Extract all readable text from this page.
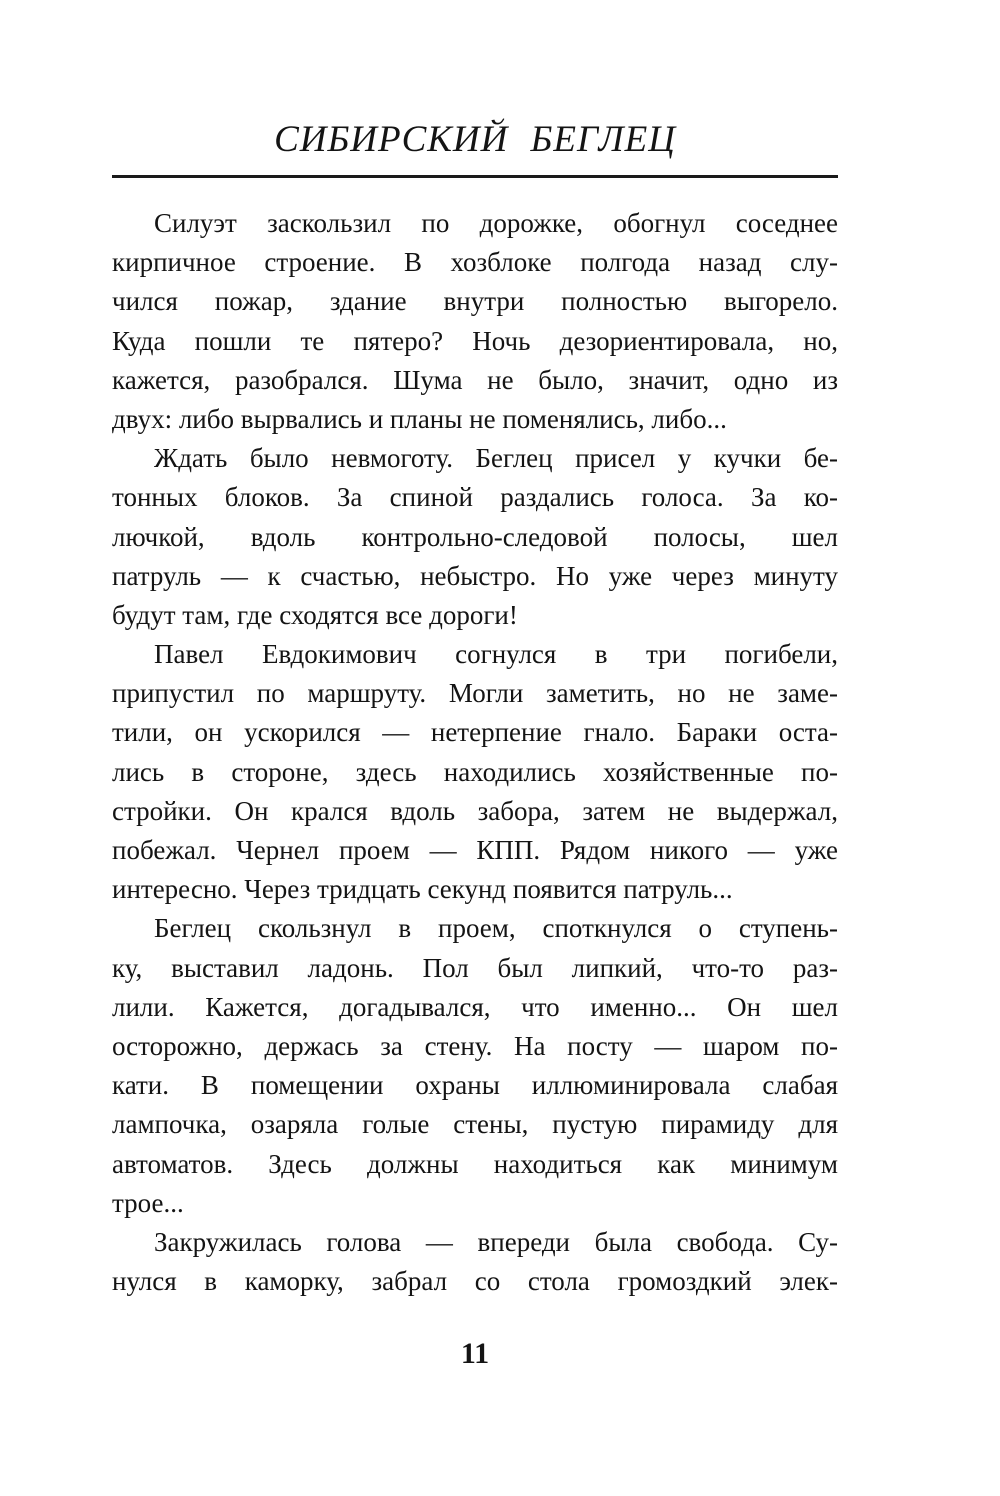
СИБИРСКИЙ БЕГЛЕЦ
Силуэт заскользил по дорожке, обогнул соседнее
кирпичное строение. В хозблоке полгода назад слу-
чился пожар, здание внутри полностью выгорело.
Куда пошли те пятеро? Ночь дезориентировала, но,
кажется, разобрался. Шума не было, значит, одно из
двух: либо вырвались и планы не поменялись, либо...
Ждать было невмоготу. Беглец присел у кучки бе-
тонных блоков. За спиной раздались голоса. За ко-
лючкой, вдоль контрольно-следовой полосы, шел
патруль — к счастью, небыстро. Но уже через минуту
будут там, где сходятся все дороги!
Павел Евдокимович согнулся в три погибели,
припустил по маршруту. Могли заметить, но не заме-
тили, он ускорился — нетерпение гнало. Бараки оста-
лись в стороне, здесь находились хозяйственные по-
стройки. Он крался вдоль забора, затем не выдержал,
побежал. Чернел проем — КПП. Рядом никого — уже
интересно. Через тридцать секунд появится патруль...
Беглец скользнул в проем, споткнулся о ступень-
ку, выставил ладонь. Пол был липкий, что-то раз-
лили. Кажется, догадывался, что именно... Он шел
осторожно, держась за стену. На посту — шаром по-
кати. В помещении охраны иллюминировала слабая
лампочка, озаряла голые стены, пустую пирамиду для
автоматов. Здесь должны находиться как минимум
трое...
Закружилась голова — впереди была свобода. Су-
нулся в каморку, забрал со стола громоздкий элек-
11
